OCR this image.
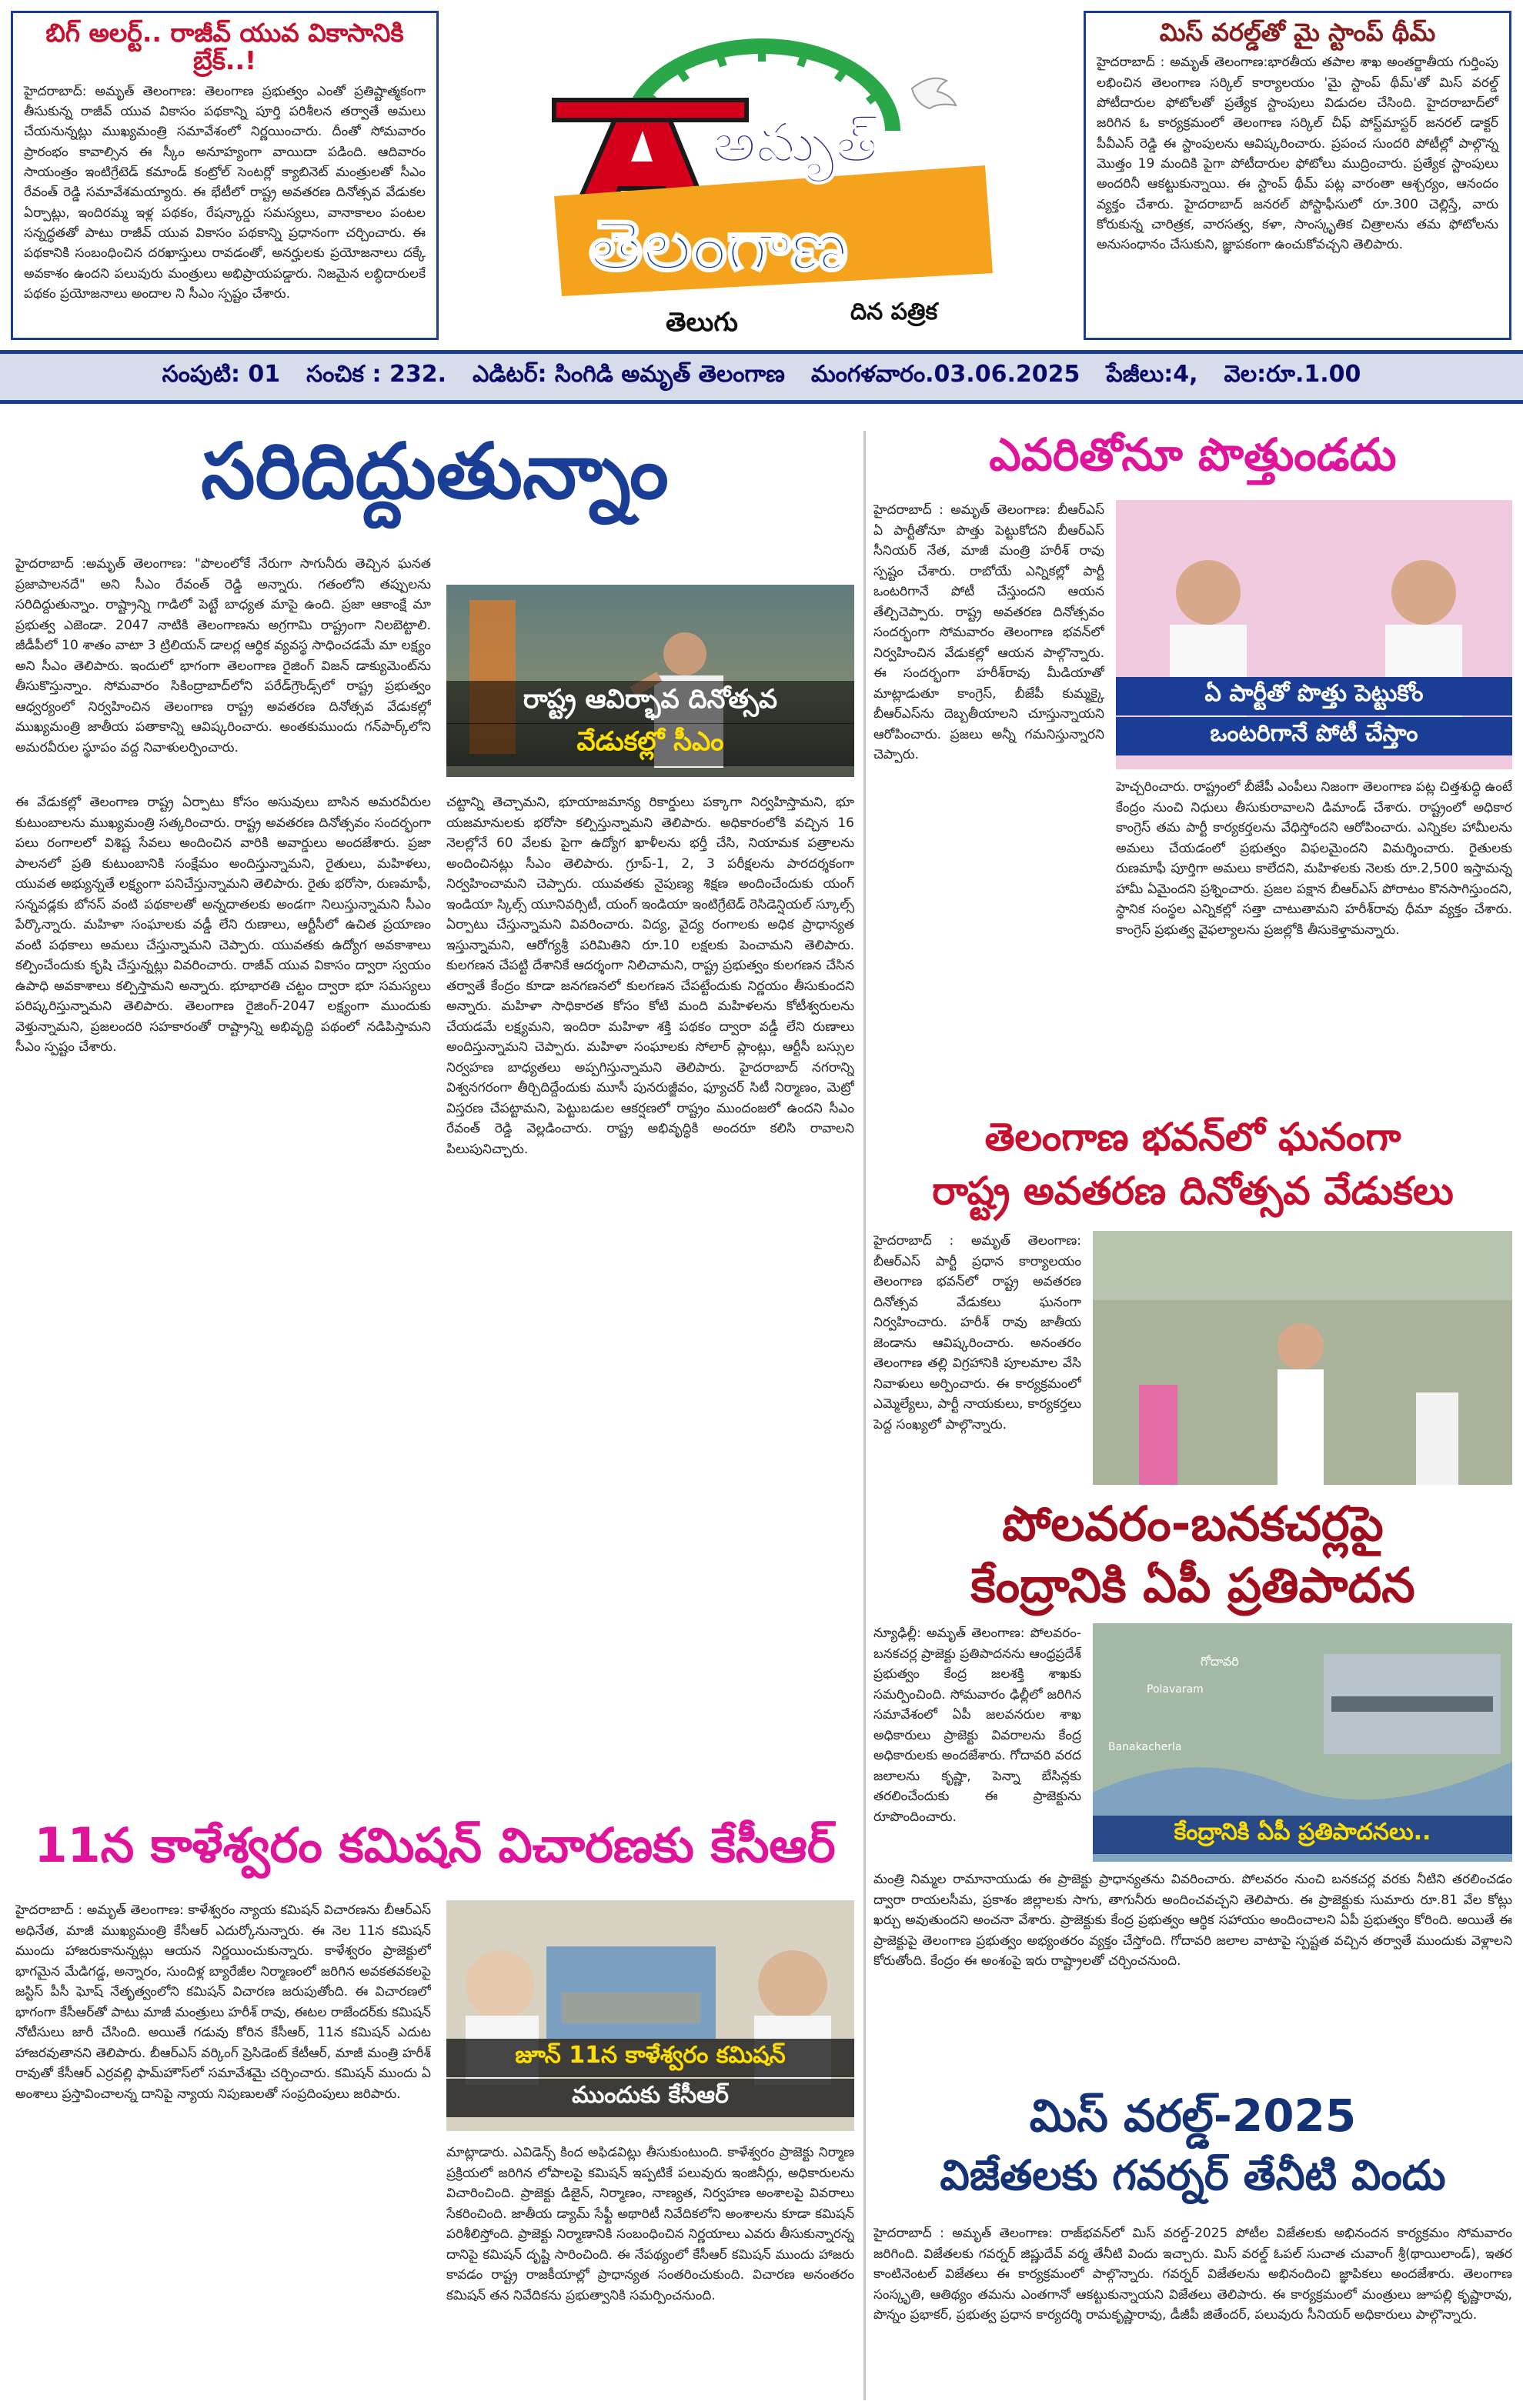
బిగ్ అలర్ట్.. రాజీవ్ యువ వికాసానికి బ్రేక్..!
హైదరాబాద్: అమృత్ తెలంగాణ: తెలంగాణ ప్రభుత్వం ఎంతో ప్రతిష్టాత్మకంగా తీసుకున్న రాజీవ్ యువ వికాసం పథకాన్ని పూర్తి పరిశీలన తర్వాతే అమలు చేయనున్నట్లు ముఖ్యమంత్రి సమావేశంలో నిర్ణయించారు. దీంతో సోమవారం ప్రారంభం కావాల్సిన ఈ స్కీం అనూహ్యంగా వాయిదా పడింది. ఆదివారం సాయంత్రం ఇంటిగ్రేటెడ్ కమాండ్ కంట్రోల్ సెంటర్లో క్యాబినెట్ మంత్రులతో సీఎం రేవంత్ రెడ్డి సమావేశమయ్యారు. ఈ భేటీలో రాష్ట్ర అవతరణ దినోత్సవ వేడుకల ఏర్పాట్లు, ఇందిరమ్మ ఇళ్ల పథకం, రేషన్కార్డు సమస్యలు, వానాకాలం పంటల సన్నద్ధతతో పాటు రాజీవ్ యువ వికాసం పథకాన్ని ప్రధానంగా చర్చించారు. ఈ పథకానికి సంబంధించిన దరఖాస్తులు రావడంతో, అనర్హులకు ప్రయోజనాలు దక్కే అవకాశం ఉందని పలువురు మంత్రులు అభిప్రాయపడ్డారు. నిజమైన లబ్ధిదారులకే పథకం ప్రయోజనాలు అందాల ని సీఎం స్పష్టం చేశారు.
అమృత్
తెలంగాణ
తెలుగు	దిన పత్రిక
మిస్ వరల్డ్‌తో మై స్టాంప్ థీమ్
హైదరాబాద్ : అమృత్ తెలంగాణ:భారతీయ తపాల శాఖ అంతర్జాతీయ గుర్తింపు లభించిన తెలంగాణ సర్కిల్ కార్యాలయం 'మై స్టాంప్ థీమ్'తో మిస్ వరల్డ్ పోటీదారుల ఫోటోలతో ప్రత్యేక స్టాంపులు విడుదల చేసింది. హైదరాబాద్‌లో జరిగిన ఓ కార్యక్రమంలో తెలంగాణ సర్కిల్ చీఫ్ పోస్ట్‌మాస్టర్ జనరల్ డాక్టర్ పీవీఎస్ రెడ్డి ఈ స్టాంపులను ఆవిష్కరించారు. ప్రపంచ సుందరి పోటీల్లో పాల్గొన్న మొత్తం 19 మందికి పైగా పోటీదారుల ఫోటోలు ముద్రించారు. ప్రత్యేక స్టాంపులు అందరినీ ఆకట్టుకున్నాయి. ఈ స్టాంప్ థీమ్ పట్ల వారంతా ఆశ్చర్యం, ఆనందం వ్యక్తం చేశారు. హైదరాబాద్ జనరల్ పోస్టాఫీసులో రూ.300 చెల్లిస్తే, వారు కోరుకున్న చారిత్రక, వారసత్వ, కళా, సాంస్కృతిక చిత్రాలను తమ ఫోటోలను అనుసంధానం చేసుకుని, జ్ఞాపకంగా ఉంచుకోవచ్చని తెలిపారు.
సంపుటి: 01 సంచిక : 232. ఎడిటర్: సింగిడి అమృత్ తెలంగాణ మంగళవారం.03.06.2025 పేజీలు:4, వెల:రూ.1.00
సరిదిద్దుతున్నాం
హైదరాబాద్ :అమృత్ తెలంగాణ: "పొలంలోకే నేరుగా సాగునీరు తెచ్చిన ఘనత ప్రజాపాలనదే" అని సీఎం రేవంత్ రెడ్డి అన్నారు. గతంలోని తప్పులను సరిదిద్దుతున్నాం. రాష్ట్రాన్ని గాడిలో పెట్టే బాధ్యత మాపై ఉంది. ప్రజా ఆకాంక్షే మా ప్రభుత్వ ఎజెండా. 2047 నాటికి తెలంగాణను అగ్రగామి రాష్ట్రంగా నిలబెట్టాలి. జీడీపీలో 10 శాతం వాటా 3 ట్రిలియన్ డాలర్ల ఆర్థిక వ్యవస్థ సాధించడమే మా లక్ష్యం అని సీఎం తెలిపారు. ఇందులో భాగంగా తెలంగాణ రైజింగ్ విజన్ డాక్యుమెంట్‌ను తీసుకొస్తున్నాం. సోమవారం సికింద్రాబాద్‌లోని పరేడ్‌గ్రౌండ్స్‌లో రాష్ట్ర ప్రభుత్వం ఆధ్వర్యంలో నిర్వహించిన తెలంగాణ రాష్ట్ర అవతరణ దినోత్సవ వేడుకల్లో ముఖ్యమంత్రి జాతీయ పతాకాన్ని ఆవిష్కరించారు. అంతకుముందు గన్‌పార్క్‌లోని అమరవీరుల స్థూపం వద్ద నివాళులర్పించారు.
రాష్ట్ర ఆవిర్భావ దినోత్సవ
వేడుకల్లో సీఎం
ఈ వేడుకల్లో తెలంగాణ రాష్ట్ర ఏర్పాటు కోసం అసువులు బాసిన అమరవీరుల కుటుంబాలను ముఖ్యమంత్రి సత్కరించారు. రాష్ట్ర అవతరణ దినోత్సవం సందర్భంగా పలు రంగాలలో విశిష్ట సేవలు అందించిన వారికి అవార్డులు అందజేశారు. ప్రజా పాలనలో ప్రతి కుటుంబానికి సంక్షేమం అందిస్తున్నామని, రైతులు, మహిళలు, యువత అభ్యున్నతే లక్ష్యంగా పనిచేస్తున్నామని తెలిపారు. రైతు భరోసా, రుణమాఫీ, సన్నవడ్లకు బోనస్ వంటి పథకాలతో అన్నదాతలకు అండగా నిలుస్తున్నామని సీఎం పేర్కొన్నారు. మహిళా సంఘాలకు వడ్డీ లేని రుణాలు, ఆర్టీసీలో ఉచిత ప్రయాణం వంటి పథకాలు అమలు చేస్తున్నామని చెప్పారు. యువతకు ఉద్యోగ అవకాశాలు కల్పించేందుకు కృషి చేస్తున్నట్లు వివరించారు. రాజీవ్ యువ వికాసం ద్వారా స్వయం ఉపాధి అవకాశాలు కల్పిస్తామని అన్నారు. భూభారతి చట్టం ద్వారా భూ సమస్యలు పరిష్కరిస్తున్నామని తెలిపారు. తెలంగాణ రైజింగ్-2047 లక్ష్యంగా ముందుకు వెళ్తున్నామని, ప్రజలందరి సహకారంతో రాష్ట్రాన్ని అభివృద్ధి పథంలో నడిపిస్తామని సీఎం స్పష్టం చేశారు.
చట్టాన్ని తెచ్చామని, భూయాజమాన్య రికార్డులు పక్కాగా నిర్వహిస్తామని, భూ యజమానులకు భరోసా కల్పిస్తున్నామని తెలిపారు. అధికారంలోకి వచ్చిన 16 నెలల్లోనే 60 వేలకు పైగా ఉద్యోగ ఖాళీలను భర్తీ చేసి, నియామక పత్రాలను అందించినట్లు సీఎం తెలిపారు. గ్రూప్-1, 2, 3 పరీక్షలను పారదర్శకంగా నిర్వహించామని చెప్పారు. యువతకు నైపుణ్య శిక్షణ అందించేందుకు యంగ్ ఇండియా స్కిల్స్ యూనివర్సిటీ, యంగ్ ఇండియా ఇంటిగ్రేటెడ్ రెసిడెన్షియల్ స్కూల్స్ ఏర్పాటు చేస్తున్నామని వివరించారు. విద్య, వైద్య రంగాలకు అధిక ప్రాధాన్యత ఇస్తున్నామని, ఆరోగ్యశ్రీ పరిమితిని రూ.10 లక్షలకు పెంచామని తెలిపారు. కులగణన చేపట్టి దేశానికే ఆదర్శంగా నిలిచామని, రాష్ట్ర ప్రభుత్వం కులగణన చేసిన తర్వాతే కేంద్రం కూడా జనగణనలో కులగణన చేపట్టేందుకు నిర్ణయం తీసుకుందని అన్నారు. మహిళా సాధికారత కోసం కోటి మంది మహిళలను కోటీశ్వరులను చేయడమే లక్ష్యమని, ఇందిరా మహిళా శక్తి పథకం ద్వారా వడ్డీ లేని రుణాలు అందిస్తున్నామని చెప్పారు. మహిళా సంఘాలకు సోలార్ ప్లాంట్లు, ఆర్టీసీ బస్సుల నిర్వహణ బాధ్యతలు అప్పగిస్తున్నామని తెలిపారు. హైదరాబాద్ నగరాన్ని విశ్వనగరంగా తీర్చిదిద్దేందుకు మూసీ పునరుజ్జీవం, ఫ్యూచర్ సిటీ నిర్మాణం, మెట్రో విస్తరణ చేపట్టామని, పెట్టుబడుల ఆకర్షణలో రాష్ట్రం ముందంజలో ఉందని సీఎం రేవంత్ రెడ్డి వెల్లడించారు. రాష్ట్ర అభివృద్ధికి అందరూ కలిసి రావాలని పిలుపునిచ్చారు.
11న కాళేశ్వరం కమిషన్ విచారణకు కేసీఆర్
హైదరాబాద్ : అమృత్ తెలంగాణ: కాళేశ్వరం న్యాయ కమిషన్ విచారణను బీఆర్ఎస్ అధినేత, మాజీ ముఖ్యమంత్రి కేసీఆర్ ఎదుర్కోనున్నారు. ఈ నెల 11న కమిషన్ ముందు హాజరుకానున్నట్లు ఆయన నిర్ణయించుకున్నారు. కాళేశ్వరం ప్రాజెక్టులో భాగమైన మేడిగడ్డ, అన్నారం, సుందిళ్ల బ్యారేజీల నిర్మాణంలో జరిగిన అవకతవకలపై జస్టిస్ పీసీ ఘోష్ నేతృత్వంలోని కమిషన్ విచారణ జరుపుతోంది. ఈ విచారణలో భాగంగా కేసీఆర్‌తో పాటు మాజీ మంత్రులు హరీశ్ రావు, ఈటల రాజేందర్‌కు కమిషన్ నోటీసులు జారీ చేసింది. అయితే గడువు కోరిన కేసీఆర్, 11న కమిషన్ ఎదుట హాజరవుతానని తెలిపారు. బీఆర్ఎస్ వర్కింగ్ ప్రెసిడెంట్ కేటీఆర్, మాజీ మంత్రి హరీశ్ రావుతో కేసీఆర్ ఎర్రవల్లి ఫామ్‌హౌస్‌లో సమావేశమై చర్చించారు. కమిషన్ ముందు ఏ అంశాలు ప్రస్తావించాలన్న దానిపై న్యాయ నిపుణులతో సంప్రదింపులు జరిపారు.
జూన్ 11న కాళేశ్వరం కమిషన్
ముందుకు కేసీఆర్
మాట్లాడారు. ఎవిడెన్స్ కింద అఫిడవిట్లు తీసుకుంటుంది. కాళేశ్వరం ప్రాజెక్టు నిర్మాణ ప్రక్రియలో జరిగిన లోపాలపై కమిషన్ ఇప్పటికే పలువురు ఇంజినీర్లు, అధికారులను విచారించింది. ప్రాజెక్టు డిజైన్, నిర్మాణం, నాణ్యత, నిర్వహణ అంశాలపై వివరాలు సేకరించింది. జాతీయ డ్యామ్ సేఫ్టీ అథారిటీ నివేదికలోని అంశాలను కూడా కమిషన్ పరిశీలిస్తోంది. ప్రాజెక్టు నిర్మాణానికి సంబంధించిన నిర్ణయాలు ఎవరు తీసుకున్నారన్న దానిపై కమిషన్ దృష్టి సారించింది. ఈ నేపథ్యంలో కేసీఆర్ కమిషన్ ముందు హాజరు కావడం రాష్ట్ర రాజకీయాల్లో ప్రాధాన్యత సంతరించుకుంది. విచారణ అనంతరం కమిషన్ తన నివేదికను ప్రభుత్వానికి సమర్పించనుంది.
ఎవరితోనూ పొత్తుండదు
హైదరాబాద్ : అమృత్ తెలంగాణ: బీఆర్ఎస్ ఏ పార్టీతోనూ పొత్తు పెట్టుకోదని బీఆర్ఎస్ సీనియర్ నేత, మాజీ మంత్రి హరీశ్ రావు స్పష్టం చేశారు. రాబోయే ఎన్నికల్లో పార్టీ ఒంటరిగానే పోటీ చేస్తుందని ఆయన తేల్చిచెప్పారు. రాష్ట్ర అవతరణ దినోత్సవం సందర్భంగా సోమవారం తెలంగాణ భవన్‌లో నిర్వహించిన వేడుకల్లో ఆయన పాల్గొన్నారు. ఈ సందర్భంగా హరీశ్‌రావు మీడియాతో మాట్లాడుతూ కాంగ్రెస్, బీజేపీ కుమ్మక్కై బీఆర్ఎస్‌ను దెబ్బతీయాలని చూస్తున్నాయని ఆరోపించారు. ప్రజలు అన్నీ గమనిస్తున్నారని చెప్పారు.
ఏ పార్టీతో పొత్తు పెట్టుకోం
ఒంటరిగానే పోటీ చేస్తాం
హెచ్చరించారు. రాష్ట్రంలో బీజేపీ ఎంపీలు నిజంగా తెలంగాణ పట్ల చిత్తశుద్ధి ఉంటే కేంద్రం నుంచి నిధులు తీసుకురావాలని డిమాండ్ చేశారు. రాష్ట్రంలో అధికార కాంగ్రెస్ తమ పార్టీ కార్యకర్తలను వేధిస్తోందని ఆరోపించారు. ఎన్నికల హామీలను అమలు చేయడంలో ప్రభుత్వం విఫలమైందని విమర్శించారు. రైతులకు రుణమాఫీ పూర్తిగా అమలు కాలేదని, మహిళలకు నెలకు రూ.2,500 ఇస్తామన్న హామీ ఏమైందని ప్రశ్నించారు. ప్రజల పక్షాన బీఆర్ఎస్ పోరాటం కొనసాగిస్తుందని, స్థానిక సంస్థల ఎన్నికల్లో సత్తా చాటుతామని హరీశ్‌రావు ధీమా వ్యక్తం చేశారు. కాంగ్రెస్ ప్రభుత్వ వైఫల్యాలను ప్రజల్లోకి తీసుకెళ్తామన్నారు.
తెలంగాణ భవన్‌లో ఘనంగా
రాష్ట్ర అవతరణ దినోత్సవ వేడుకలు
హైదరాబాద్ : అమృత్ తెలంగాణ: బీఆర్ఎస్ పార్టీ ప్రధాన కార్యాలయం తెలంగాణ భవన్‌లో రాష్ట్ర అవతరణ దినోత్సవ వేడుకలు ఘనంగా నిర్వహించారు. హరీశ్ రావు జాతీయ జెండాను ఆవిష్కరించారు. అనంతరం తెలంగాణ తల్లి విగ్రహానికి పూలమాల వేసి నివాళులు అర్పించారు. ఈ కార్యక్రమంలో ఎమ్మెల్యేలు, పార్టీ నాయకులు, కార్యకర్తలు పెద్ద సంఖ్యలో పాల్గొన్నారు.
పోలవరం-బనకచర్లపై
కేంద్రానికి ఏపీ ప్రతిపాదన
న్యూఢిల్లీ: అమృత్ తెలంగాణ: పోలవరం-బనకచర్ల ప్రాజెక్టు ప్రతిపాదనను ఆంధ్రప్రదేశ్ ప్రభుత్వం కేంద్ర జలశక్తి శాఖకు సమర్పించింది. సోమవారం ఢిల్లీలో జరిగిన సమావేశంలో ఏపీ జలవనరుల శాఖ అధికారులు ప్రాజెక్టు వివరాలను కేంద్ర అధికారులకు అందజేశారు. గోదావరి వరద జలాలను కృష్ణా, పెన్నా బేసిన్లకు తరలించేందుకు ఈ ప్రాజెక్టును రూపొందించారు.
గోదావరి
Polavaram
Banakacherla
కేంద్రానికి ఏపీ ప్రతిపాదనలు..
మంత్రి నిమ్మల రామానాయుడు ఈ ప్రాజెక్టు ప్రాధాన్యతను వివరించారు. పోలవరం నుంచి బనకచర్ల వరకు నీటిని తరలించడం ద్వారా రాయలసీమ, ప్రకాశం జిల్లాలకు సాగు, తాగునీరు అందించవచ్చని తెలిపారు. ఈ ప్రాజెక్టుకు సుమారు రూ.81 వేల కోట్లు ఖర్చు అవుతుందని అంచనా వేశారు. ప్రాజెక్టుకు కేంద్ర ప్రభుత్వం ఆర్థిక సహాయం అందించాలని ఏపీ ప్రభుత్వం కోరింది. అయితే ఈ ప్రాజెక్టుపై తెలంగాణ ప్రభుత్వం అభ్యంతరం వ్యక్తం చేస్తోంది. గోదావరి జలాల వాటాపై స్పష్టత వచ్చిన తర్వాతే ముందుకు వెళ్లాలని కోరుతోంది. కేంద్రం ఈ అంశంపై ఇరు రాష్ట్రాలతో చర్చించనుంది.
మిస్ వరల్డ్-2025
విజేతలకు గవర్నర్ తేనీటి విందు
హైదరాబాద్ : అమృత్ తెలంగాణ: రాజ్‌భవన్‌లో మిస్ వరల్డ్-2025 పోటీల విజేతలకు అభినందన కార్యక్రమం సోమవారం జరిగింది. విజేతలకు గవర్నర్ జిష్ణుదేవ్ వర్మ తేనీటి విందు ఇచ్చారు. మిస్ వరల్డ్ ఓపల్ సుచాత చువాంగ్ శ్రీ(థాయిలాండ్), ఇతర కాంటినెంటల్ విజేతలు ఈ కార్యక్రమంలో పాల్గొన్నారు. గవర్నర్ విజేతలను అభినందించి జ్ఞాపికలు అందజేశారు. తెలంగాణ సంస్కృతి, ఆతిథ్యం తమను ఎంతగానో ఆకట్టుకున్నాయని విజేతలు తెలిపారు. ఈ కార్యక్రమంలో మంత్రులు జూపల్లి కృష్ణారావు, పొన్నం ప్రభాకర్, ప్రభుత్వ ప్రధాన కార్యదర్శి రామకృష్ణారావు, డీజీపీ జితేందర్, పలువురు సీనియర్ అధికారులు పాల్గొన్నారు.
